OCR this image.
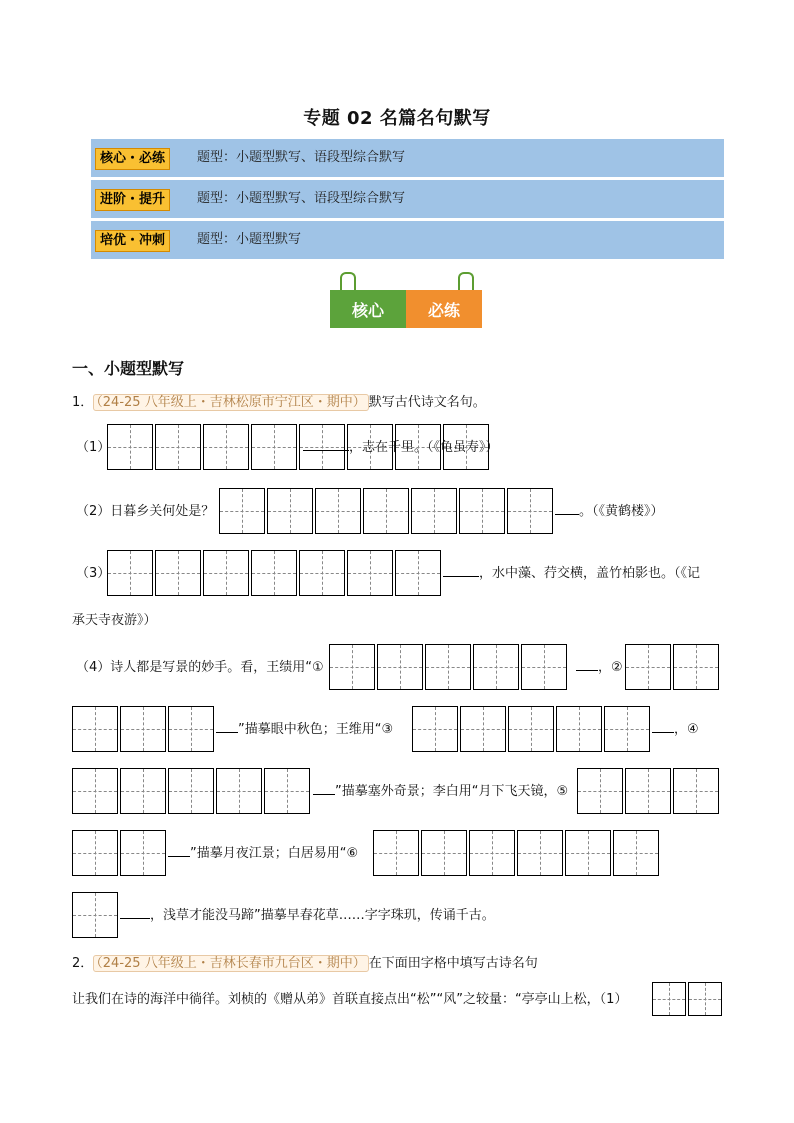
专题 02 名篇名句默写
核心・必练	题型：小题型默写、语段型综合默写
进阶・提升	题型：小题型默写、语段型综合默写
培优・冲刺	题型：小题型默写
核心	必练
一、小题型默写
1． （24-25 八年级上・吉林松原市宁江区・期中） 默写古代诗文名句。
（1）	，志在千里。（《龟虽寿》）
（2）日暮乡关何处是？	。（《黄鹤楼》）
（3）	，水中藻、荇交横，盖竹柏影也。（《记
承天寺夜游》）
（4）诗人都是写景的妙手。看，王绩用“①	，②
”描摹眼中秋色；王维用“③	，④
”描摹塞外奇景；李白用“月下飞天镜，⑤
”描摹月夜江景；白居易用“⑥
，浅草才能没马蹄”描摹早春花草……字字珠玑，传诵千古。
2． （24-25 八年级上・吉林长春市九台区・期中） 在下面田字格中填写古诗名句
让我们在诗的海洋中徜徉。刘桢的《赠从弟》首联直接点出“松”“风”之较量：“亭亭山上松，（1）
